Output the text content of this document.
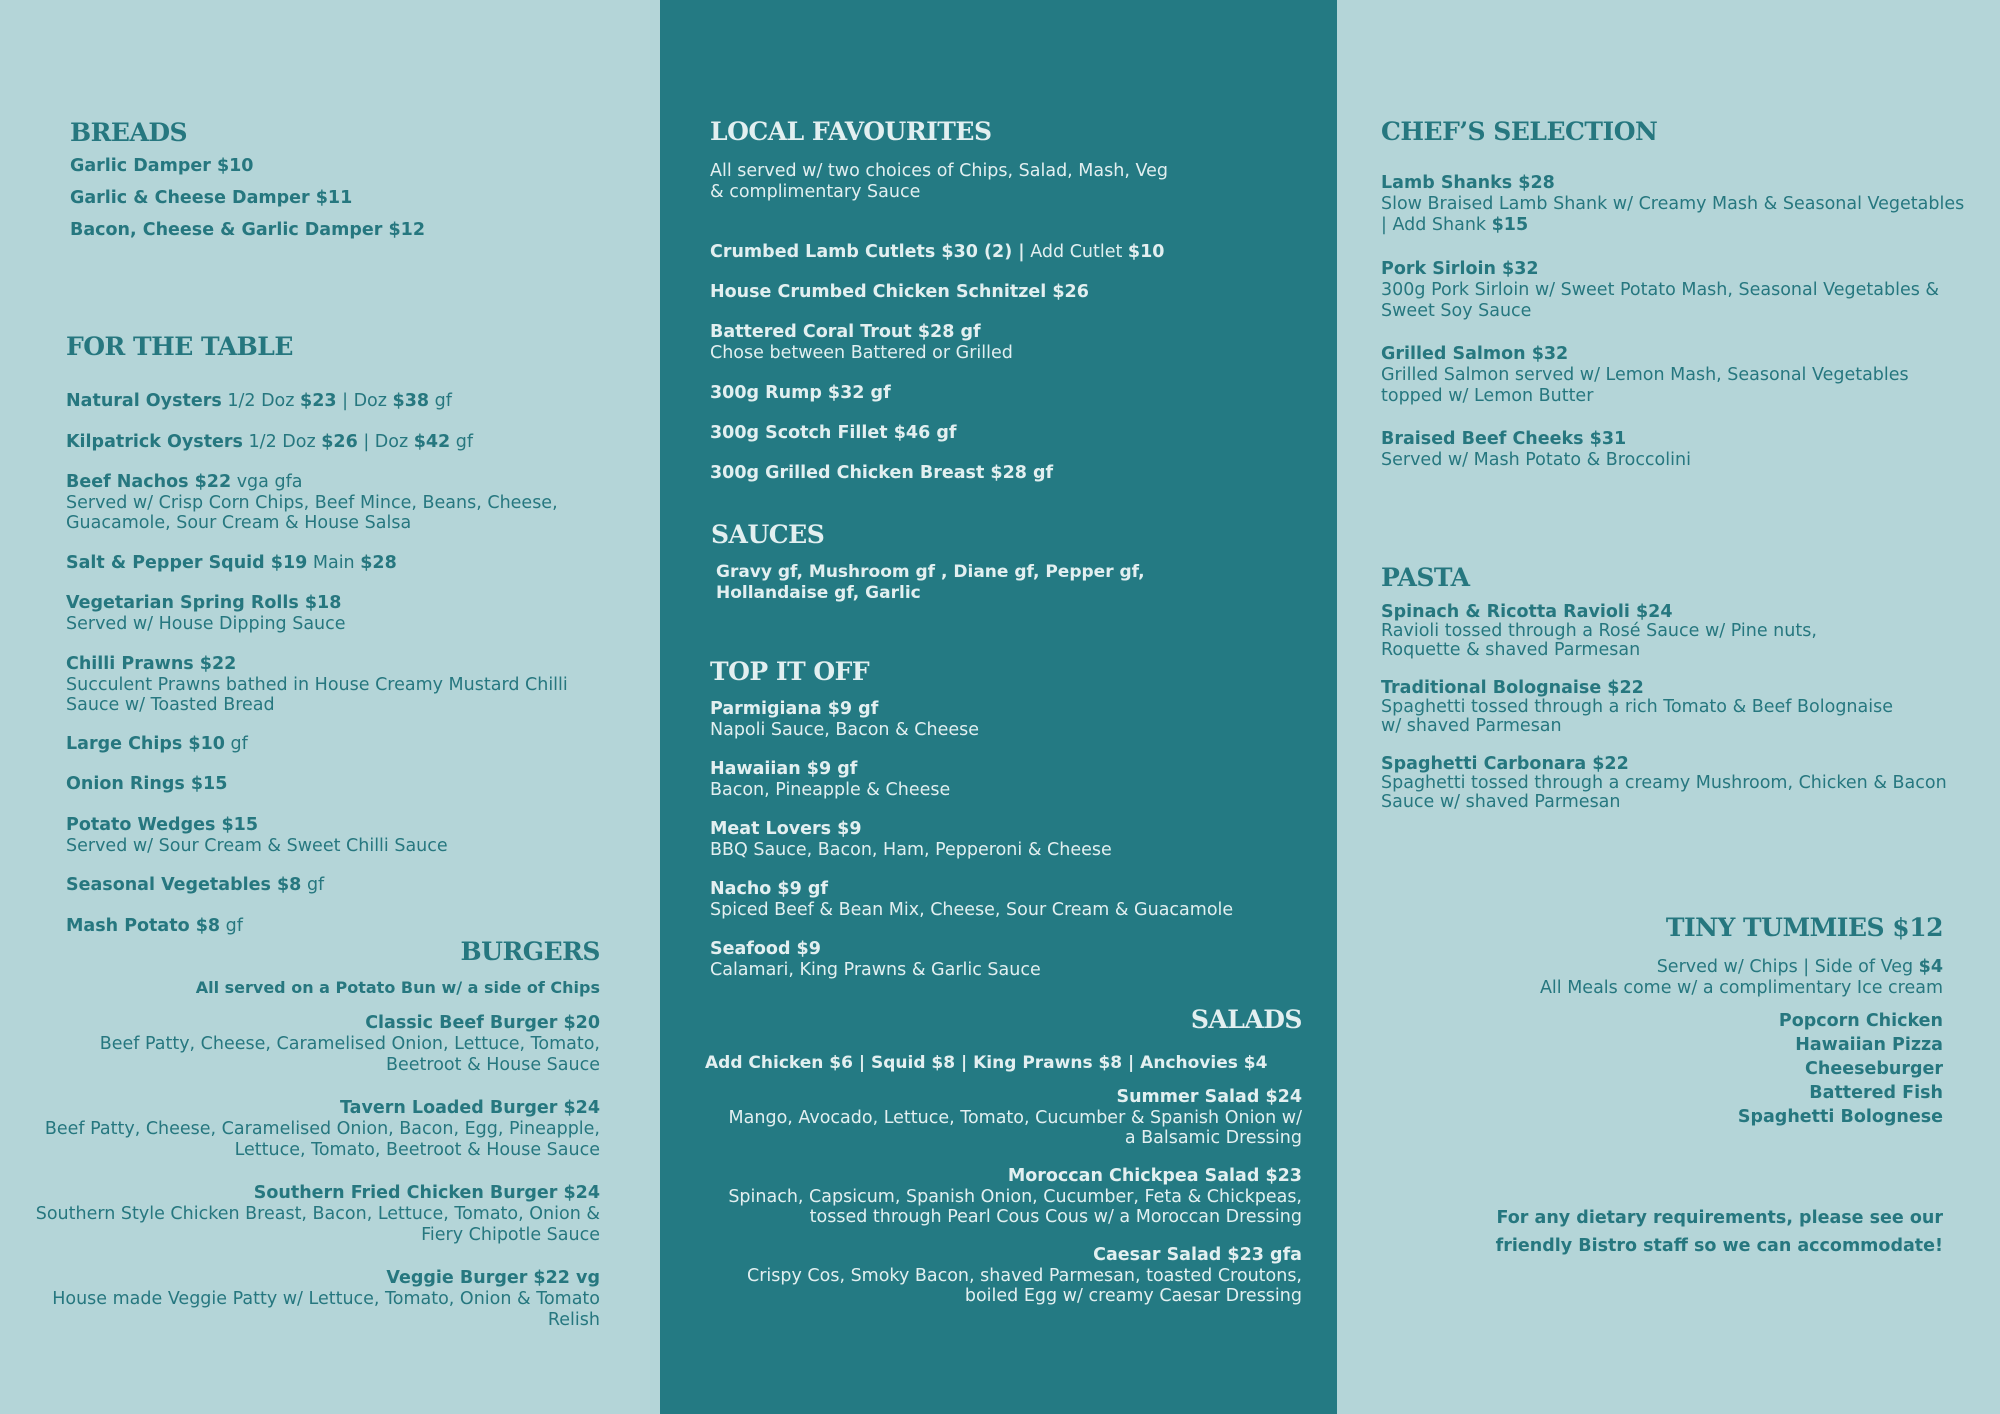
BREADS

Garlic Damper $10

Garlic & Cheese Damper $11

Bacon, Cheese & Garlic Damper $12

FOR THE TABLE

Natural Oysters 1/2 Doz $23 | Doz $38 gf

Kilpatrick Oysters 1/2 Doz $26 | Doz $42 gf

Beef Nachos $22 vga gfa
Served w/ Crisp Corn Chips, Beef Mince, Beans, Cheese, Guacamole, Sour Cream & House Salsa

Salt & Pepper Squid $19 Main $28

Vegetarian Spring Rolls $18
Served w/ House Dipping Sauce

Chilli Prawns $22
Succulent Prawns bathed in House Creamy Mustard Chilli Sauce w/ Toasted Bread

Large Chips $10 gf

Onion Rings $15

Potato Wedges $15
Served w/ Sour Cream & Sweet Chilli Sauce

Seasonal Vegetables $8 gf

Mash Potato $8 gf

BURGERS

All served on a Potato Bun w/ a side of Chips

Classic Beef Burger $20
Beef Patty, Cheese, Caramelised Onion, Lettuce, Tomato, Beetroot & House Sauce

Tavern Loaded Burger $24
Beef Patty, Cheese, Caramelised Onion, Bacon, Egg, Pineapple, Lettuce, Tomato, Beetroot & House Sauce

Southern Fried Chicken Burger $24
Southern Style Chicken Breast, Bacon, Lettuce, Tomato, Onion & Fiery Chipotle Sauce

Veggie Burger $22 vg
House made Veggie Patty w/ Lettuce, Tomato, Onion & Tomato Relish

LOCAL FAVOURITES

All served w/ two choices of Chips, Salad, Mash, Veg & complimentary Sauce

Crumbed Lamb Cutlets $30 (2) | Add Cutlet $10

House Crumbed Chicken Schnitzel $26

Battered Coral Trout $28 gf
Chose between Battered or Grilled

300g Rump $32 gf

300g Scotch Fillet $46 gf

300g Grilled Chicken Breast $28 gf

SAUCES

Gravy gf, Mushroom gf , Diane gf, Pepper gf, Hollandaise gf, Garlic

TOP IT OFF

Parmigiana $9 gf
Napoli Sauce, Bacon & Cheese

Hawaiian $9 gf
Bacon, Pineapple & Cheese

Meat Lovers $9
BBQ Sauce, Bacon, Ham, Pepperoni & Cheese

Nacho $9 gf
Spiced Beef & Bean Mix, Cheese, Sour Cream & Guacamole

Seafood $9
Calamari, King Prawns & Garlic Sauce

SALADS

Add Chicken $6 | Squid $8 | King Prawns $8 | Anchovies $4

Summer Salad $24
Mango, Avocado, Lettuce, Tomato, Cucumber & Spanish Onion w/ a Balsamic Dressing

Moroccan Chickpea Salad $23
Spinach, Capsicum, Spanish Onion, Cucumber, Feta & Chickpeas, tossed through Pearl Cous Cous w/ a Moroccan Dressing

Caesar Salad $23 gfa
Crispy Cos, Smoky Bacon, shaved Parmesan, toasted Croutons, boiled Egg w/ creamy Caesar Dressing

CHEF’S SELECTION

Lamb Shanks $28
Slow Braised Lamb Shank w/ Creamy Mash & Seasonal Vegetables | Add Shank $15

Pork Sirloin $32
300g Pork Sirloin w/ Sweet Potato Mash, Seasonal Vegetables & Sweet Soy Sauce

Grilled Salmon $32
Grilled Salmon served w/ Lemon Mash, Seasonal Vegetables topped w/ Lemon Butter

Braised Beef Cheeks $31
Served w/ Mash Potato & Broccolini

PASTA

Spinach & Ricotta Ravioli $24
Ravioli tossed through a Rosé Sauce w/ Pine nuts, Roquette & shaved Parmesan

Traditional Bolognaise $22
Spaghetti tossed through a rich Tomato & Beef Bolognaise w/ shaved Parmesan

Spaghetti Carbonara $22
Spaghetti tossed through a creamy Mushroom, Chicken & Bacon Sauce w/ shaved Parmesan

TINY TUMMIES $12

Served w/ Chips | Side of Veg $4

All Meals come w/ a complimentary Ice cream

Popcorn Chicken
Hawaiian Pizza
Cheeseburger
Battered Fish
Spaghetti Bolognese

For any dietary requirements, please see our friendly Bistro staff so we can accommodate!
